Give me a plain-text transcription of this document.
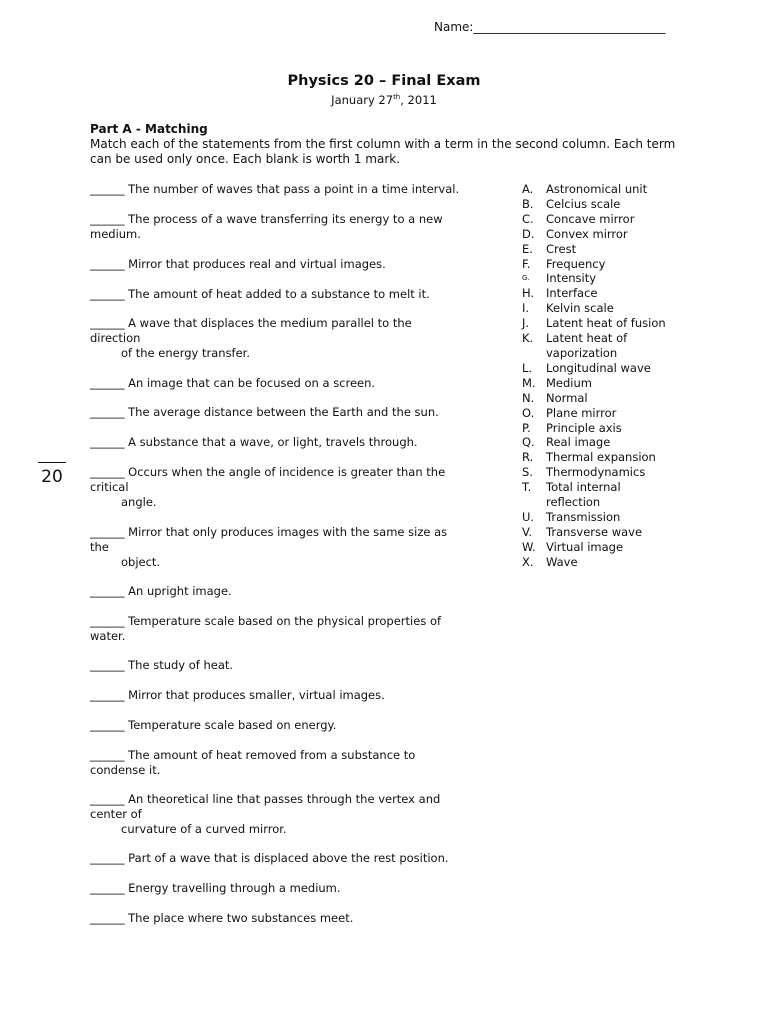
Name:________________________________
Physics 20 – Final Exam
January 27th, 2011
Part A - Matching
Match each of the statements from the first column with a term in the second column. Each term can be used only once. Each blank is worth 1 mark.
______ The number of waves that pass a point in a time interval.
______ The process of a wave transferring its energy to a new
medium.
______ Mirror that produces real and virtual images.
______ The amount of heat added to a substance to melt it.
______ A wave that displaces the medium parallel to the
direction
of the energy transfer.
______ An image that can be focused on a screen.
______ The average distance between the Earth and the sun.
______ A substance that a wave, or light, travels through.
______ Occurs when the angle of incidence is greater than the
critical
angle.
______ Mirror that only produces images with the same size as
the
object.
______ An upright image.
______ Temperature scale based on the physical properties of
water.
______ The study of heat.
______ Mirror that produces smaller, virtual images.
______ Temperature scale based on energy.
______ The amount of heat removed from a substance to
condense it.
______ An theoretical line that passes through the vertex and
center of
curvature of a curved mirror.
______ Part of a wave that is displaced above the rest position.
______ Energy travelling through a medium.
______ The place where two substances meet.
A.	Astronomical unit
B.	Celcius scale
C.	Concave mirror
D. Convex mirror
E.	Crest
F.	Frequency
G.	Intensity
H.	Interface
I.	Kelvin scale
J.	Latent heat of fusion
K.	Latent heat of
vaporization
L.	Longitudinal wave
M. Medium
N.	Normal
O.	Plane mirror
P.	Principle axis
Q. Real image
R.	Thermal expansion
S.	Thermodynamics
T.	Total internal
reflection
U.	Transmission
V.	Transverse wave
W. Virtual image
X.	Wave
20
